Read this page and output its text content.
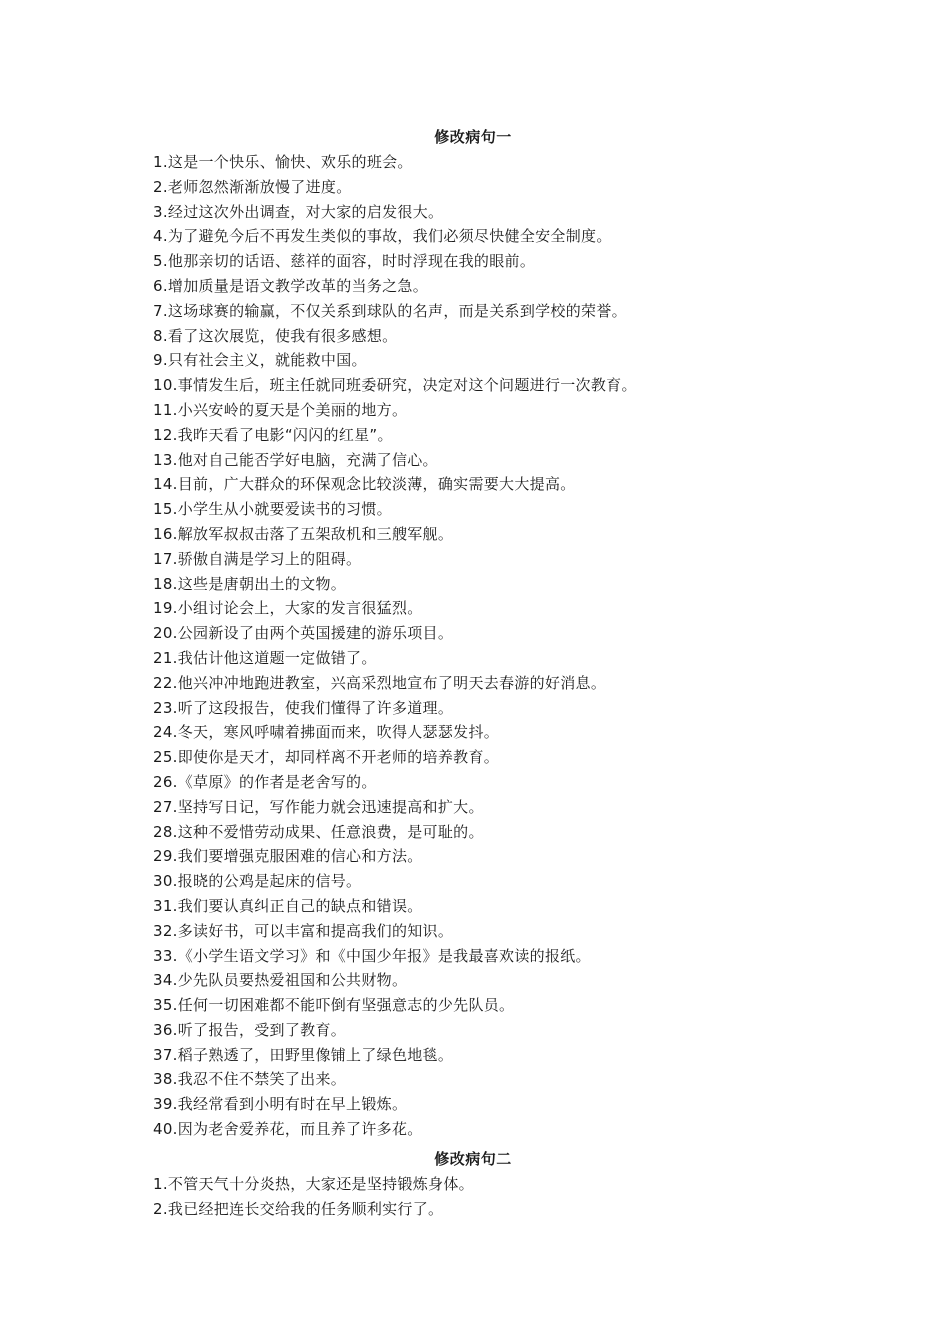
修改病句一
1.这是一个快乐、愉快、欢乐的班会。
2.老师忽然渐渐放慢了进度。
3.经过这次外出调查，对大家的启发很大。
4.为了避免今后不再发生类似的事故，我们必须尽快健全安全制度。
5.他那亲切的话语、慈祥的面容，时时浮现在我的眼前。
6.增加质量是语文教学改革的当务之急。
7.这场球赛的输赢，不仅关系到球队的名声，而是关系到学校的荣誉。
8.看了这次展览，使我有很多感想。
9.只有社会主义，就能救中国。
10.事情发生后，班主任就同班委研究，决定对这个问题进行一次教育。
11.小兴安岭的夏天是个美丽的地方。
12.我昨天看了电影“闪闪的红星”。
13.他对自己能否学好电脑，充满了信心。
14.目前，广大群众的环保观念比较淡薄，确实需要大大提高。
15.小学生从小就要爱读书的习惯。
16.解放军叔叔击落了五架敌机和三艘军舰。
17.骄傲自满是学习上的阻碍。
18.这些是唐朝出土的文物。
19.小组讨论会上，大家的发言很猛烈。
20.公园新设了由两个英国援建的游乐项目。
21.我估计他这道题一定做错了。
22.他兴冲冲地跑进教室，兴高采烈地宣布了明天去春游的好消息。
23.听了这段报告，使我们懂得了许多道理。
24.冬天，寒风呼啸着拂面而来，吹得人瑟瑟发抖。
25.即使你是天才，却同样离不开老师的培养教育。
26.《草原》的作者是老舍写的。
27.坚持写日记，写作能力就会迅速提高和扩大。
28.这种不爱惜劳动成果、任意浪费，是可耻的。
29.我们要增强克服困难的信心和方法。
30.报晓的公鸡是起床的信号。
31.我们要认真纠正自己的缺点和错误。
32.多读好书，可以丰富和提高我们的知识。
33.《小学生语文学习》和《中国少年报》是我最喜欢读的报纸。
34.少先队员要热爱祖国和公共财物。
35.任何一切困难都不能吓倒有坚强意志的少先队员。
36.听了报告，受到了教育。
37.稻子熟透了，田野里像铺上了绿色地毯。
38.我忍不住不禁笑了出来。
39.我经常看到小明有时在早上锻炼。
40.因为老舍爱养花，而且养了许多花。
修改病句二
1.不管天气十分炎热，大家还是坚持锻炼身体。
2.我已经把连长交给我的任务顺利实行了。
